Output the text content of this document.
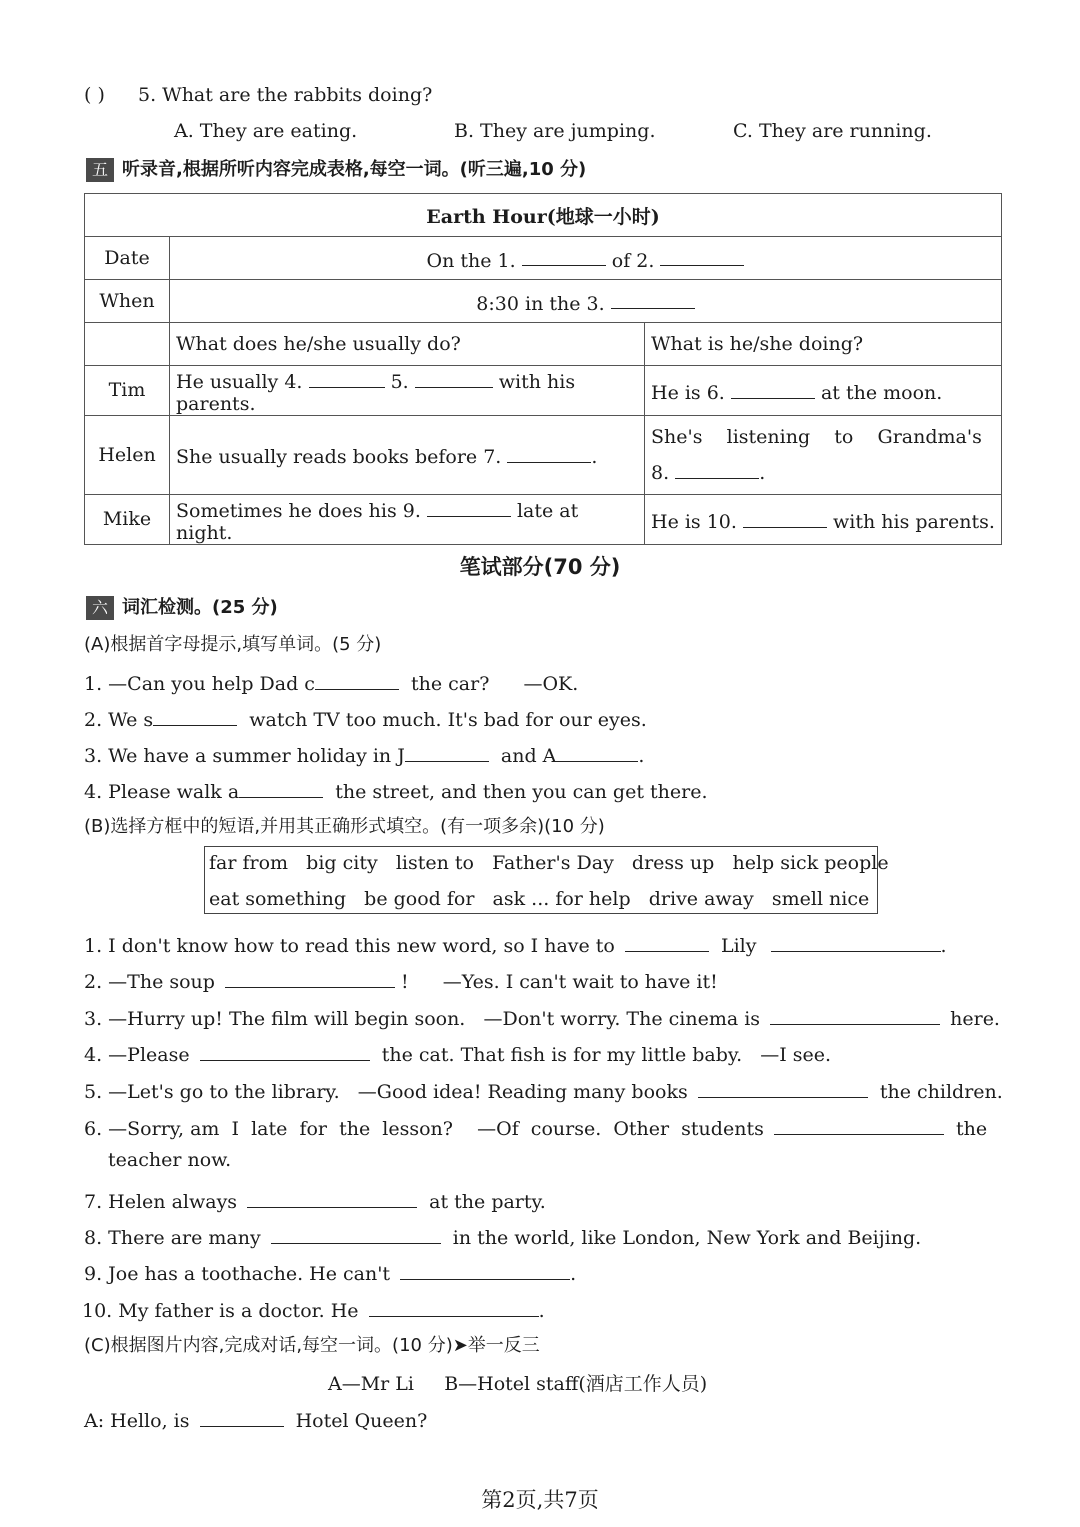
( ) 5. What are the rabbits doing?
A. They are eating.	B. They are jumping.	C. They are running.
五 听录音,根据所听内容完成表格,每空一词。(听三遍,10 分)
Earth Hour(地球一小时)		
Date	On the 1. of 2.	
When	8:30 in the 3.	
	What does he/she usually do?	What is he/she doing?
Tim	He usually 4. 5. with his parents.	He is 6. at the moon.
Helen	She usually reads books before 7. .	She's    listening    to    Grandma's
8. .
Mike	Sometimes he does his 9. late at night.	He is 10. with his parents.
笔试部分(70 分)
六 词汇检测。(25 分)
(A)根据首字母提示,填写单词。(5 分)
1. —Can you help Dad c	the car? —OK.
2. We s	watch TV too much. It's bad for our eyes.
3. We have a summer holiday in J	and A	.
4. Please walk a	the street, and then you can get there.
(B)选择方框中的短语,并用其正确形式填空。(有一项多余)(10 分)
far from   big city   listen to   Father's Day   dress up   help sick people
eat something   be good for   ask ... for help   drive away   smell nice
1. I don't know how to read this new word, so I have to	Lily	.
2. —The soup	! —Yes. I can't wait to have it!
3. —Hurry up! The film will begin soon.   —Don't worry. The cinema is	here.
4. —Please	the cat. That fish is for my little baby.   —I see.
5. —Let's go to the library.   —Good idea! Reading many books	the children.
6. —Sorry, am  I  late  for  the  lesson?    —Of  course.  Other  students	the
teacher now.
7. Helen always	at the party.
8. There are many	in the world, like London, New York and Beijing.
9. Joe has a toothache. He can't	.
10. My father is a doctor. He	.
(C)根据图片内容,完成对话,每空一词。(10 分)➤举一反三
A—Mr Li     B—Hotel staff(酒店工作人员)
A: Hello, is	Hotel Queen?
第2页,共7页
